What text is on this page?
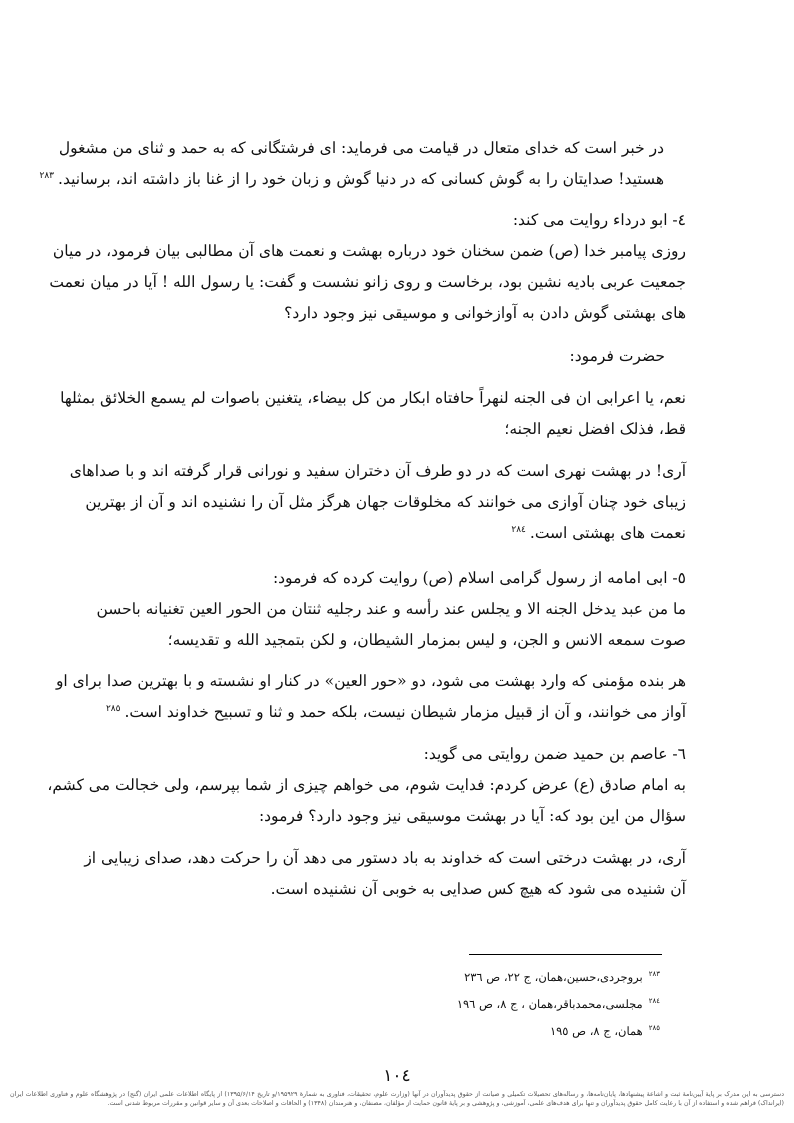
در خبر است که خدای متعال در قیامت می فرماید: ای فرشتگانی که به حمد و ثنای من مشغول
هستید! صدایتان را به گوش کسانی که در دنیا گوش و زبان خود را از غنا باز داشته اند، برسانید.$^{۲۸۳}$
٤- ابو درداء روایت می کند:
روزی پیامبر خدا (ص) ضمن سخنان خود درباره بهشت و نعمت های آن مطالبی بیان فرمود، در میان
جمعیت عربی بادیه نشین بود، برخاست و روی زانو نشست و گفت: یا رسول الله ! آیا در میان نعمت
های بهشتی گوش دادن به آوازخوانی و موسیقی نیز وجود دارد؟
حضرت فرمود:
نعم، یا اعرابی ان فی الجنه لنهراً حافتاه ابکار من کل بیضاء، یتغنین باصوات لم یسمع الخلائق بمثلها
قط، فذلک افضل نعیم الجنه؛
آری! در بهشت نهری است که در دو طرف آن دختران سفید و نورانی قرار گرفته اند و با صداهای
زیبای خود چنان آوازی می خوانند که مخلوقات جهان هرگز مثل آن را نشنیده اند و آن از بهترین
نعمت های بهشتی است.$^{۲۸٤}$
٥- ابی امامه از رسول گرامی اسلام (ص) روایت کرده که فرمود:
ما من عبد یدخل الجنه الا و یجلس عند رأسه و عند رجلیه ثنتان من الحور العین تغنیانه باحسن
صوت سمعه الانس و الجن، و لیس بمزمار الشیطان، و لکن بتمجید الله و تقدیسه؛
هر بنده مؤمنی که وارد بهشت می شود، دو «حور العین» در کنار او نشسته و با بهترین صدا برای او
آواز می خوانند، و آن از قبیل مزمار شیطان نیست، بلکه حمد و ثنا و تسبیح خداوند است.$^{۲۸٥}$
٦- عاصم بن حمید ضمن روایتی می گوید:
به امام صادق (ع) عرض کردم: فدایت شوم، می خواهم چیزی از شما بپرسم، ولی خجالت می کشم،
سؤال من این بود که: آیا در بهشت موسیقی نیز وجود دارد؟ فرمود:
آری، در بهشت درختی است که خداوند به باد دستور می دهد آن را حرکت دهد، صدای زیبایی از
آن شنیده می شود که هیچ کس صدایی به خوبی آن نشنیده است.
$^{۲۸۳}$بروجردی،حسین،همان، ج ۲۲، ص ٢٣٦
$^{۲۸٤}$مجلسی،محمدباقر،همان ، ج ۸، ص ۱۹٦
$^{۲۸٥}$همان، ج ۸، ص ۱۹٥
۱۰٤
دسترسی به این مدرک بر پایهٔ آیین‌نامهٔ ثبت و اشاعهٔ پیشنهادها، پایان‌نامه‌ها، و رساله‌های تحصیلات تکمیلی و صیانت از حقوق پدیدآوران در آنها (وزارت علوم، تحقیقات، فناوری به شمارهٔ ۱۹۵۹۲۹/و تاریخ ۱۳۹۵/۶/۱۴) از پایگاه اطلاعات علمی ایران (گنج) در پژوهشگاه علوم و فناوری اطلاعات ایران (ایرانداک) فراهم شده و استفاده از آن با رعایت کامل حقوق پدیدآوران و تنها برای هدف‌های علمی، آموزشی، و پژوهشی و بر پایهٔ قانون حمایت از مؤلفان، مصنفان، و هنرمندان (۱۳۴۸) و الحاقات و اصلاحات بعدی آن و سایر قوانین و مقررات مربوط شدنی است.
